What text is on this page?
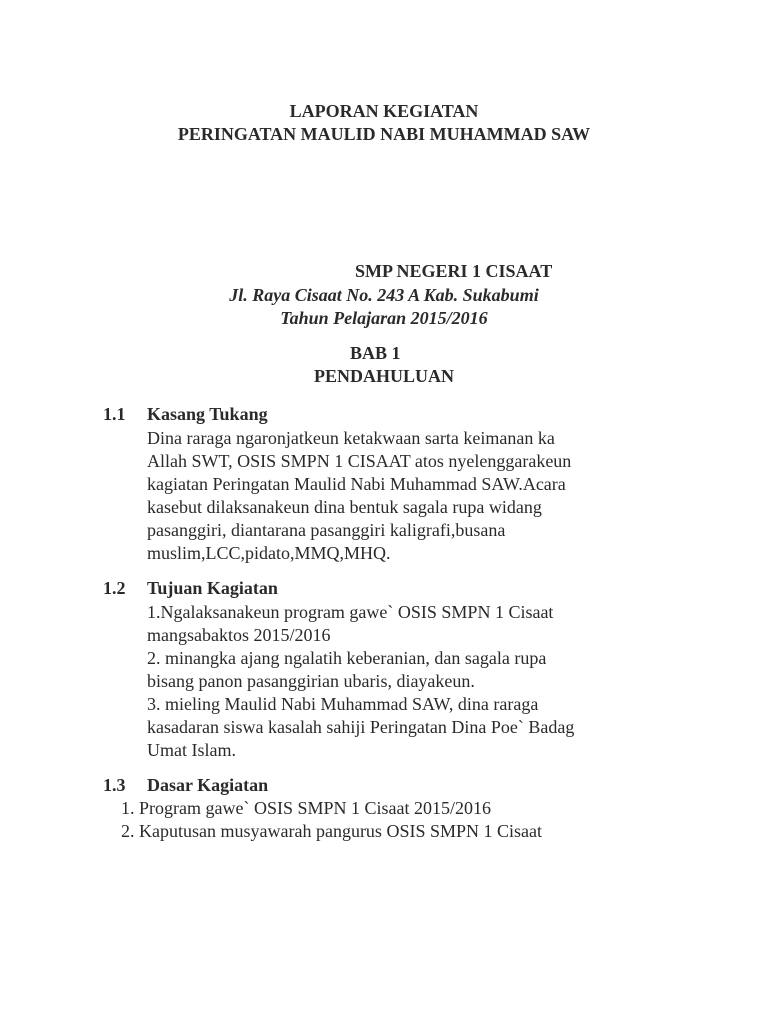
LAPORAN KEGIATAN
PERINGATAN MAULID NABI MUHAMMAD SAW
SMP NEGERI 1 CISAAT
Jl. Raya Cisaat No. 243 A Kab. Sukabumi
Tahun Pelajaran 2015/2016
BAB 1
PENDAHULUAN
1.1 Kasang Tukang
Dina raraga ngaronjatkeun ketakwaan sarta keimanan ka
Allah SWT, OSIS SMPN 1 CISAAT atos nyelenggarakeun
kagiatan Peringatan Maulid Nabi Muhammad SAW.Acara
kasebut dilaksanakeun dina bentuk sagala rupa widang
pasanggiri, diantarana pasanggiri kaligrafi,busana
muslim,LCC,pidato,MMQ,MHQ.
1.2 Tujuan Kagiatan
1.Ngalaksanakeun program gawe` OSIS SMPN 1 Cisaat
mangsabaktos 2015/2016
2. minangka ajang ngalatih keberanian, dan sagala rupa
bisang panon pasanggirian ubaris, diayakeun.
3. mieling Maulid Nabi Muhammad SAW, dina raraga
kasadaran siswa kasalah sahiji Peringatan Dina Poe` Badag
Umat Islam.
1.3 Dasar Kagiatan
1. Program gawe` OSIS SMPN 1 Cisaat 2015/2016
2. Kaputusan musyawarah pangurus OSIS SMPN 1 Cisaat
